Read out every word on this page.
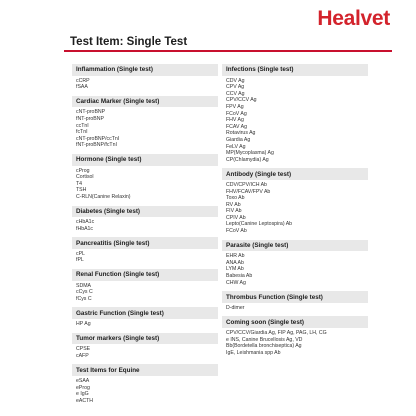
Healvet
Test Item: Single Test
Inflammation (Single test)
cCRP
fSAA
Cardiac Marker (Single test)
cNT-proBNP
fNT-proBNP
ccTnI
fcTnI
cNT-proBNP/ccTnI
fNT-proBNP/fcTnI
Hormone (Single test)
cProg
Cortisol
T4
TSH
C-RLN(Canine Relaxin)
Diabetes (Single test)
cHbA1c
fHbA1c
Pancreatitis (Single test)
cPL
fPL
Renal Function (Single test)
SDMA
cCys C
fCys C
Gastric Function (Single test)
HP Ag
Tumor markers (Single test)
CPSE
cAFP
Test Items for Equine
eSAA
eProg
e IgG
eACTH
Infections (Single test)
CDV Ag
CPV Ag
CCV Ag
CPV/CCV Ag
FPV Ag
FCoV Ag
FHV Ag
FCAV Ag
Rotavirus Ag
Giardia Ag
FeLV Ag
MP(Mycoplasma) Ag
CP(Chlamydia) Ag
Antibody (Single test)
CDV/CPV/ICH Ab
FHV/FCAV/FPV Ab
Toxo Ab
RV Ab
FIV Ab
CPIV Ab
Lepto(Canine Leptospira) Ab
FCoV Ab
Parasite (Single test)
EHR Ab
ANA Ab
LYM Ab
Babesia Ab
CHW Ag
Thrombus Function (Single test)
D-dimer
Coming soon (Single test)
CPV/CCV/Giardia Ag, FIP Ag, PAG, LH, CG
e INS, Canine Brucellosis Ag, VD
Bb(Bordetella bronchiseptica) Ag
IgE, Leishmania spp Ab
